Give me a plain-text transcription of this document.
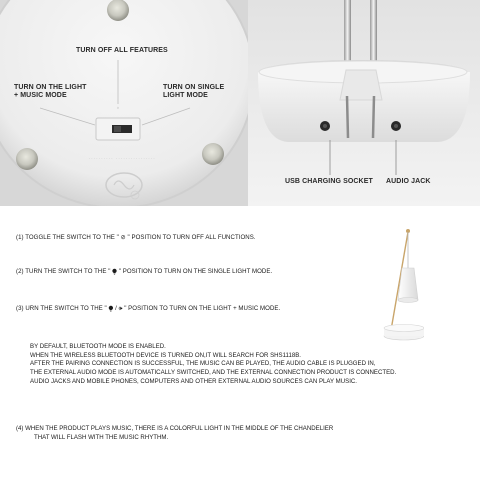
◦
·········· ················
TURN OFF ALL FEATURES
TURN ON THE LIGHT
+ MUSIC MODE
TURN ON SINGLE
LIGHT MODE
USB CHARGING SOCKET AUDIO JACK
(1) TOGGLE THE SWITCH TO THE " ⊘ " POSITION TO TURN OFF ALL FUNCTIONS.
(2) TURN THE SWITCH TO THE " ⧭ " POSITION TO TURN ON THE SINGLE LIGHT MODE.
(3) URN THE SWITCH TO THE " ⧭ / 🕪 " POSITION TO TURN ON THE LIGHT + MUSIC MODE.
BY DEFAULT, BLUETOOTH MODE IS ENABLED.
WHEN THE WIRELESS BLUETOOTH DEVICE IS TURNED ON,IT WILL SEARCH FOR SHS1118B.
AFTER THE PAIRING CONNECTION IS SUCCESSFUL, THE MUSIC CAN BE PLAYED, THE AUDIO CABLE IS PLUGGED IN,
THE EXTERNAL AUDIO MODE IS AUTOMATICALLY SWITCHED, AND THE EXTERNAL CONNECTION PRODUCT IS CONNECTED.
AUDIO JACKS AND MOBILE PHONES, COMPUTERS AND OTHER EXTERNAL AUDIO SOURCES CAN PLAY MUSIC.
(4) WHEN THE PRODUCT PLAYS MUSIC, THERE IS A COLORFUL LIGHT IN THE MIDDLE OF THE CHANDELIER
THAT WILL FLASH WITH THE MUSIC RHYTHM.
